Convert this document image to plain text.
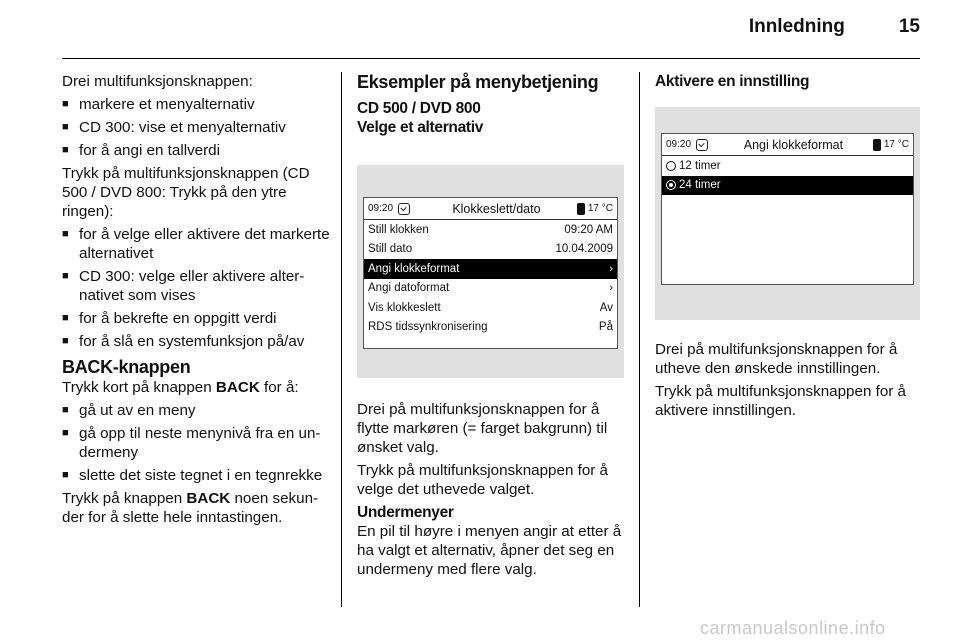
Innledning	15

Drei multifunksjonsknappen:

■ markere et menyalternativ
■ CD 300: vise et menyalternativ
■ for å angi en tallverdi

Trykk på multifunksjonsknappen (CD 500 / DVD 800: Trykk på den ytre ringen):

■ for å velge eller aktivere det markerte alternativet
■ CD 300: velge eller aktivere alternativet som vises
■ for å bekrefte en oppgitt verdi
■ for å slå en systemfunksjon på/av
BACK-knappen

Trykk kort på knappen BACK for å:

■ gå ut av en meny
■ gå opp til neste menynivå fra en undermeny
■ slette det siste tegnet i en tegnrekke

Trykk på knappen BACK noen sekunder for å slette hele inntastingen.

Eksempler på menybetjening
CD 500 / DVD 800
Velge et alternativ
09:20	Klokkeslett/dato	17 °C
Still klokken	09:20 AM
Still dato	10.04.2009
Angi klokkeformat	›
Angi datoformat	›
Vis klokkeslett	Av
RDS tidssynkronisering	På

Drei på multifunksjonsknappen for å flytte markøren (= farget bakgrunn) til ønsket valg.

Trykk på multifunksjonsknappen for å velge det uthevede valget.

Undermenyer

En pil til høyre i menyen angir at etter å ha valgt et alternativ, åpner det seg en undermeny med flere valg.

Aktivere en innstilling
09:20	Angi klokkeformat	17 °C
12 timer
24 timer

Drei på multifunksjonsknappen for å utheve den ønskede innstillingen.

Trykk på multifunksjonsknappen for å aktivere innstillingen.

carmanualsonline.info
